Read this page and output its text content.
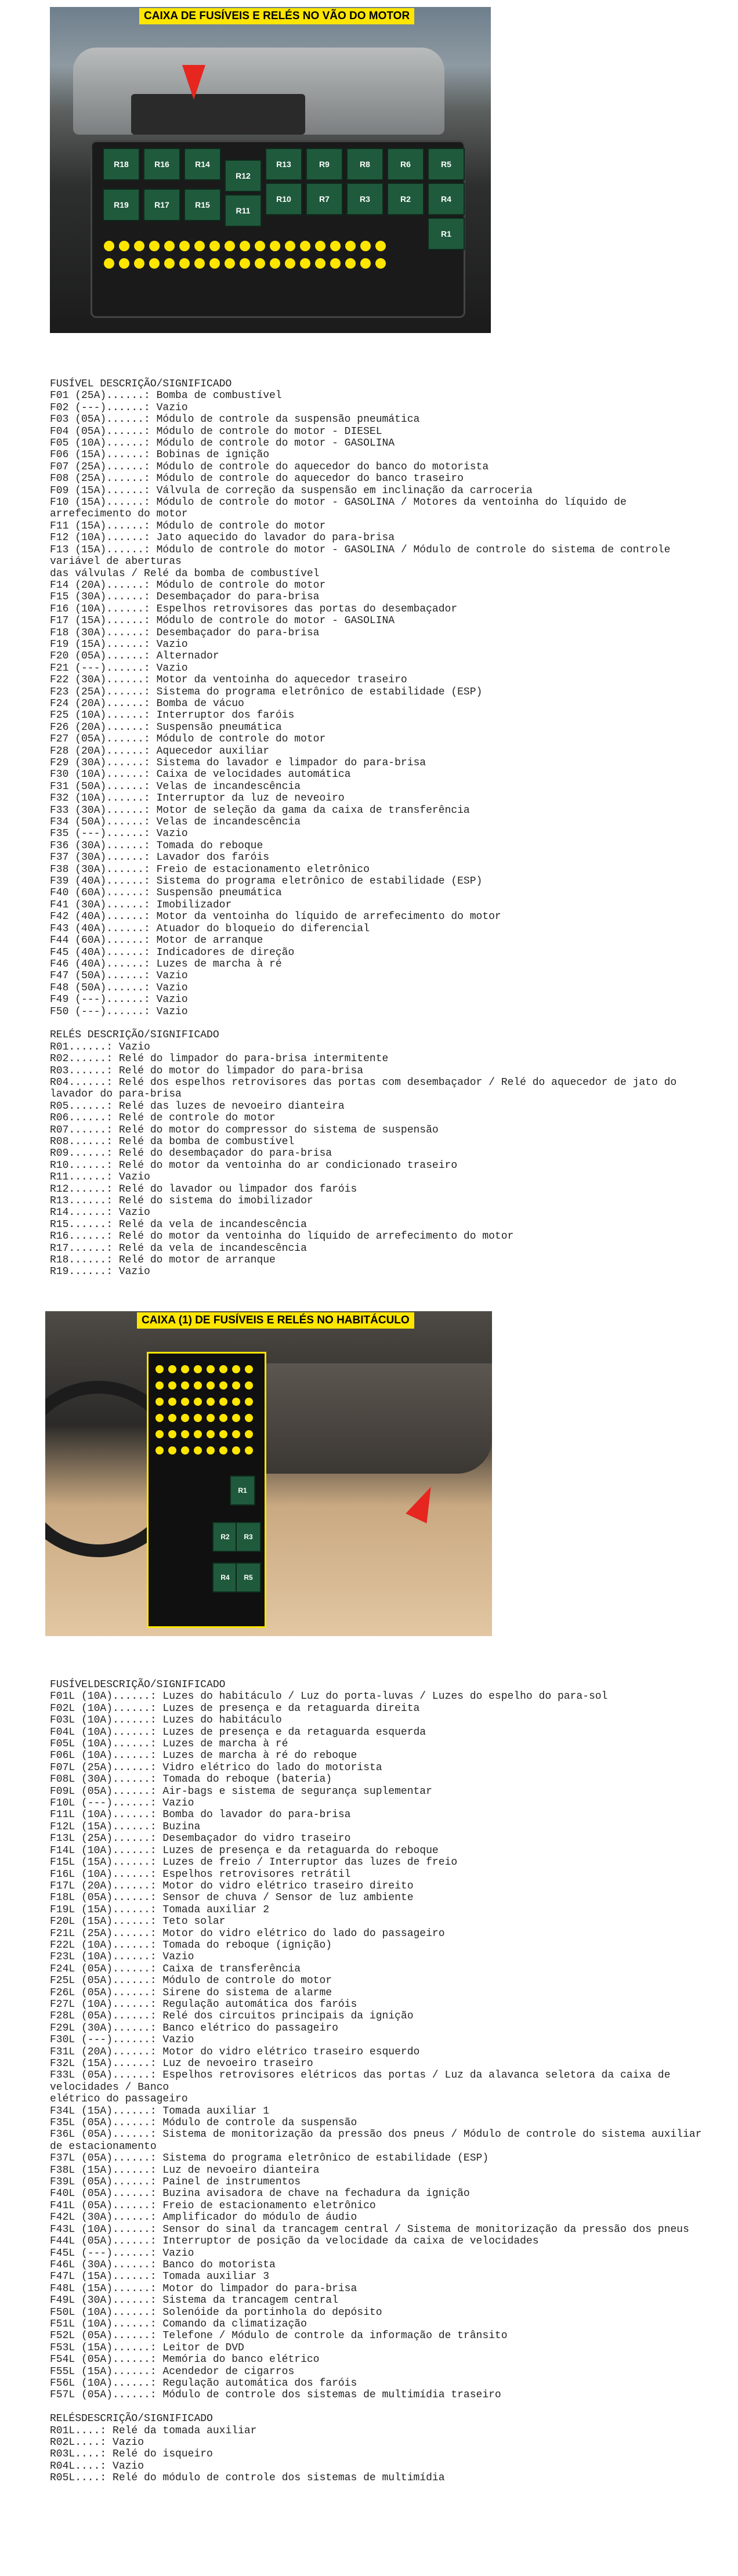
R18	R16	R14
R12
R13	R9	R8	R6	R5
R4
R19	R17	R15
R11
R10	R7	R3	R2
R1
CAIXA DE FUSÍVEIS E RELÉS NO VÃO DO MOTOR
FUSÍVEL DESCRIÇÃO/SIGNIFICADO
F01 (25A)......: Bomba de combustível
F02 (---)......: Vazio
F03 (05A)......: Módulo de controle da suspensão pneumática
F04 (05A)......: Módulo de controle do motor - DIESEL
F05 (10A)......: Módulo de controle do motor - GASOLINA
F06 (15A)......: Bobinas de ignição
F07 (25A)......: Módulo de controle do aquecedor do banco do motorista
F08 (25A)......: Módulo de controle do aquecedor do banco traseiro
F09 (15A)......: Válvula de correção da suspensão em inclinação da carroceria
F10 (15A)......: Módulo de controle do motor - GASOLINA / Motores da ventoinha do líquido de arrefecimento do motor
F11 (15A)......: Módulo de controle do motor
F12 (10A)......: Jato aquecido do lavador do para-brisa
F13 (15A)......: Módulo de controle do motor - GASOLINA / Módulo de controle do sistema de controle variável de aberturas
das válvulas / Relé da bomba de combustível
F14 (20A)......: Módulo de controle do motor
F15 (30A)......: Desembaçador do para-brisa
F16 (10A)......: Espelhos retrovisores das portas do desembaçador
F17 (15A)......: Módulo de controle do motor - GASOLINA
F18 (30A)......: Desembaçador do para-brisa
F19 (15A)......: Vazio
F20 (05A)......: Alternador
F21 (---)......: Vazio
F22 (30A)......: Motor da ventoinha do aquecedor traseiro
F23 (25A)......: Sistema do programa eletrônico de estabilidade (ESP)
F24 (20A)......: Bomba de vácuo
F25 (10A)......: Interruptor dos faróis
F26 (20A)......: Suspensão pneumática
F27 (05A)......: Módulo de controle do motor
F28 (20A)......: Aquecedor auxiliar
F29 (30A)......: Sistema do lavador e limpador do para-brisa
F30 (10A)......: Caixa de velocidades automática
F31 (50A)......: Velas de incandescência
F32 (10A)......: Interruptor da luz de neveoiro
F33 (30A)......: Motor de seleção da gama da caixa de transferência
F34 (50A)......: Velas de incandescência
F35 (---)......: Vazio
F36 (30A)......: Tomada do reboque
F37 (30A)......: Lavador dos faróis
F38 (30A)......: Freio de estacionamento eletrônico
F39 (40A)......: Sistema do programa eletrônico de estabilidade (ESP)
F40 (60A)......: Suspensão pneumática
F41 (30A)......: Imobilizador
F42 (40A)......: Motor da ventoinha do líquido de arrefecimento do motor
F43 (40A)......: Atuador do bloqueio do diferencial
F44 (60A)......: Motor de arranque
F45 (40A)......: Indicadores de direção
F46 (40A)......: Luzes de marcha à ré
F47 (50A)......: Vazio
F48 (50A)......: Vazio
F49 (---)......: Vazio
F50 (---)......: Vazio

RELÉS DESCRIÇÃO/SIGNIFICADO
R01......: Vazio
R02......: Relé do limpador do para-brisa intermitente
R03......: Relé do motor do limpador do para-brisa
R04......: Relé dos espelhos retrovisores das portas com desembaçador / Relé do aquecedor de jato do lavador do para-brisa
R05......: Relé das luzes de nevoeiro dianteira
R06......: Relé de controle do motor
R07......: Relé do motor do compressor do sistema de suspensão
R08......: Relé da bomba de combustível
R09......: Relé do desembaçador do para-brisa
R10......: Relé do motor da ventoinha do ar condicionado traseiro
R11......: Vazio
R12......: Relé do lavador ou limpador dos faróis
R13......: Relé do sistema do imobilizador
R14......: Vazio
R15......: Relé da vela de incandescência
R16......: Relé do motor da ventoinha do líquido de arrefecimento do motor
R17......: Relé da vela de incandescência
R18......: Relé do motor de arranque
R19......: Vazio
R1
R2	R3
R4	R5
CAIXA (1) DE FUSÍVEIS E RELÉS NO HABITÁCULO
FUSÍVELDESCRIÇÃO/SIGNIFICADO
F01L (10A)......: Luzes do habitáculo / Luz do porta-luvas / Luzes do espelho do para-sol
F02L (10A)......: Luzes de presença e da retaguarda direita
F03L (10A)......: Luzes do habitáculo
F04L (10A)......: Luzes de presença e da retaguarda esquerda
F05L (10A)......: Luzes de marcha à ré
F06L (10A)......: Luzes de marcha à ré do reboque
F07L (25A)......: Vidro elétrico do lado do motorista
F08L (30A)......: Tomada do reboque (bateria)
F09L (05A)......: Air-bags e sistema de segurança suplementar
F10L (---)......: Vazio
F11L (10A)......: Bomba do lavador do para-brisa
F12L (15A)......: Buzina
F13L (25A)......: Desembaçador do vidro traseiro
F14L (10A)......: Luzes de presença e da retaguarda do reboque
F15L (15A)......: Luzes de freio / Interruptor das luzes de freio
F16L (10A)......: Espelhos retrovisores retrátil
F17L (20A)......: Motor do vidro elétrico traseiro direito
F18L (05A)......: Sensor de chuva / Sensor de luz ambiente
F19L (15A)......: Tomada auxiliar 2
F20L (15A)......: Teto solar
F21L (25A)......: Motor do vidro elétrico do lado do passageiro
F22L (10A)......: Tomada do reboque (ignição)
F23L (10A)......: Vazio
F24L (05A)......: Caixa de transferência
F25L (05A)......: Módulo de controle do motor
F26L (05A)......: Sirene do sistema de alarme
F27L (10A)......: Regulação automática dos faróis
F28L (05A)......: Relé dos circuitos principais da ignição
F29L (30A)......: Banco elétrico do passageiro
F30L (---)......: Vazio
F31L (20A)......: Motor do vidro elétrico traseiro esquerdo
F32L (15A)......: Luz de nevoeiro traseiro
F33L (05A)......: Espelhos retrovisores elétricos das portas / Luz da alavanca seletora da caixa de velocidades / Banco
elétrico do passageiro
F34L (15A)......: Tomada auxiliar 1
F35L (05A)......: Módulo de controle da suspensão
F36L (05A)......: Sistema de monitorização da pressão dos pneus / Módulo de controle do sistema auxiliar de estacionamento
F37L (05A)......: Sistema do programa eletrônico de estabilidade (ESP)
F38L (15A)......: Luz de nevoeiro dianteira
F39L (05A)......: Painel de instrumentos
F40L (05A)......: Buzina avisadora de chave na fechadura da ignição
F41L (05A)......: Freio de estacionamento eletrônico
F42L (30A)......: Amplificador do módulo de áudio
F43L (10A)......: Sensor do sinal da trancagem central / Sistema de monitorização da pressão dos pneus
F44L (05A)......: Interruptor de posição da velocidade da caixa de velocidades
F45L (---)......: Vazio
F46L (30A)......: Banco do motorista
F47L (15A)......: Tomada auxiliar 3
F48L (15A)......: Motor do limpador do para-brisa
F49L (30A)......: Sistema da trancagem central
F50L (10A)......: Solenóide da portinhola do depósito
F51L (10A)......: Comando da climatização
F52L (05A)......: Telefone / Módulo de controle da informação de trânsito
F53L (15A)......: Leitor de DVD
F54L (05A)......: Memória do banco elétrico
F55L (15A)......: Acendedor de cigarros
F56L (10A)......: Regulação automática dos faróis
F57L (05A)......: Módulo de controle dos sistemas de multimídia traseiro

RELÉSDESCRIÇÃO/SIGNIFICADO
R01L....: Relé da tomada auxiliar
R02L....: Vazio
R03L....: Relé do isqueiro
R04L....: Vazio
R05L....: Relé do módulo de controle dos sistemas de multimídia
